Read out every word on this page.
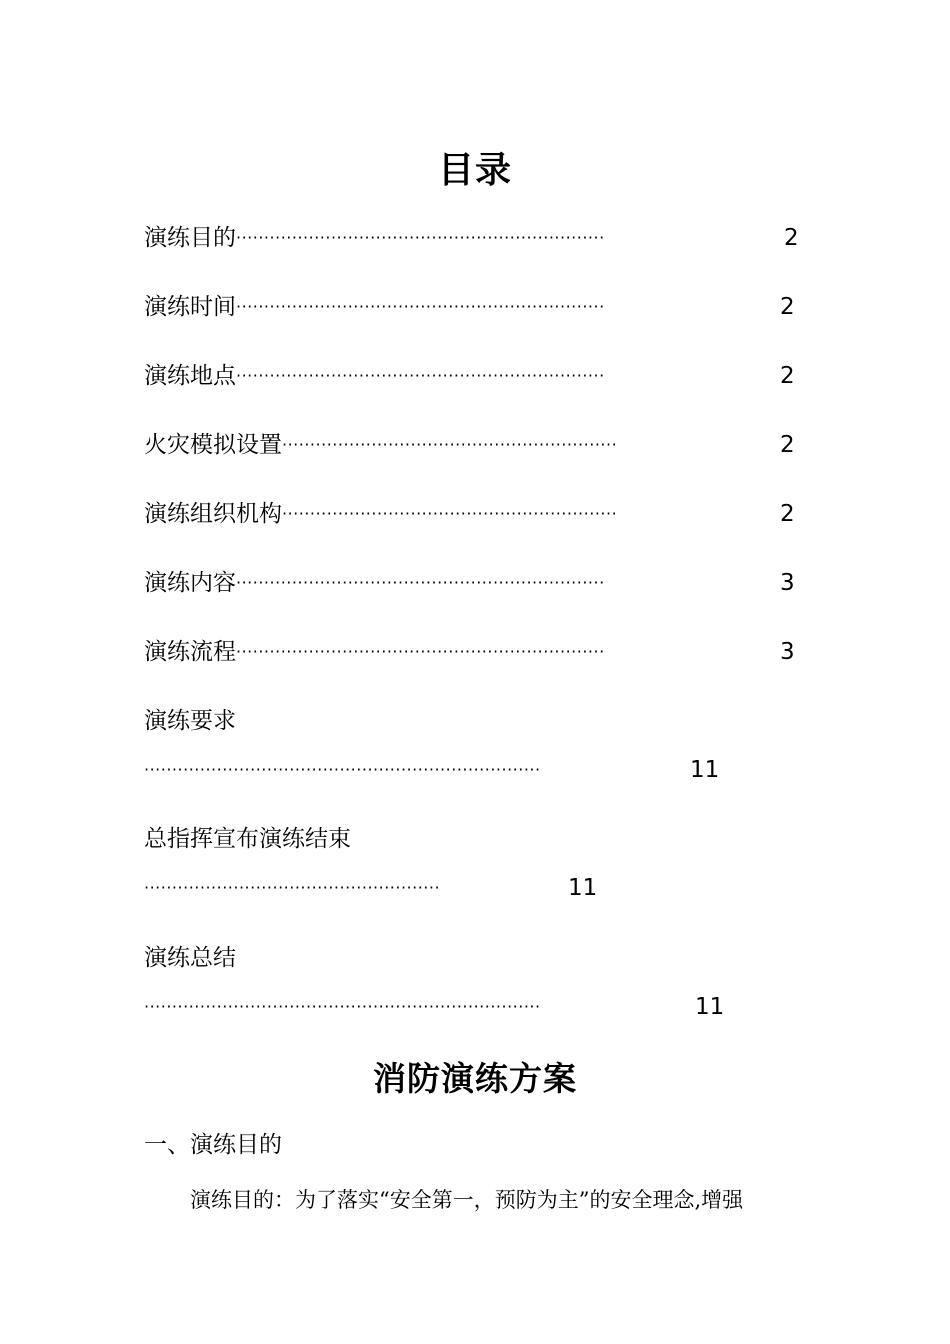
目录
演练目的··································································	2
演练时间··································································	2
演练地点··································································	2
火灾模拟设置····························································	2
演练组织机构····························································	2
演练内容··································································	3
演练流程··································································	3
演练要求
·······································································	11
总指挥宣布演练结束
·····················································	11
演练总结
·······································································	11
消防演练方案
一、演练目的
演练目的：为了落实“安全第一，预防为主”的安全理念,增强
